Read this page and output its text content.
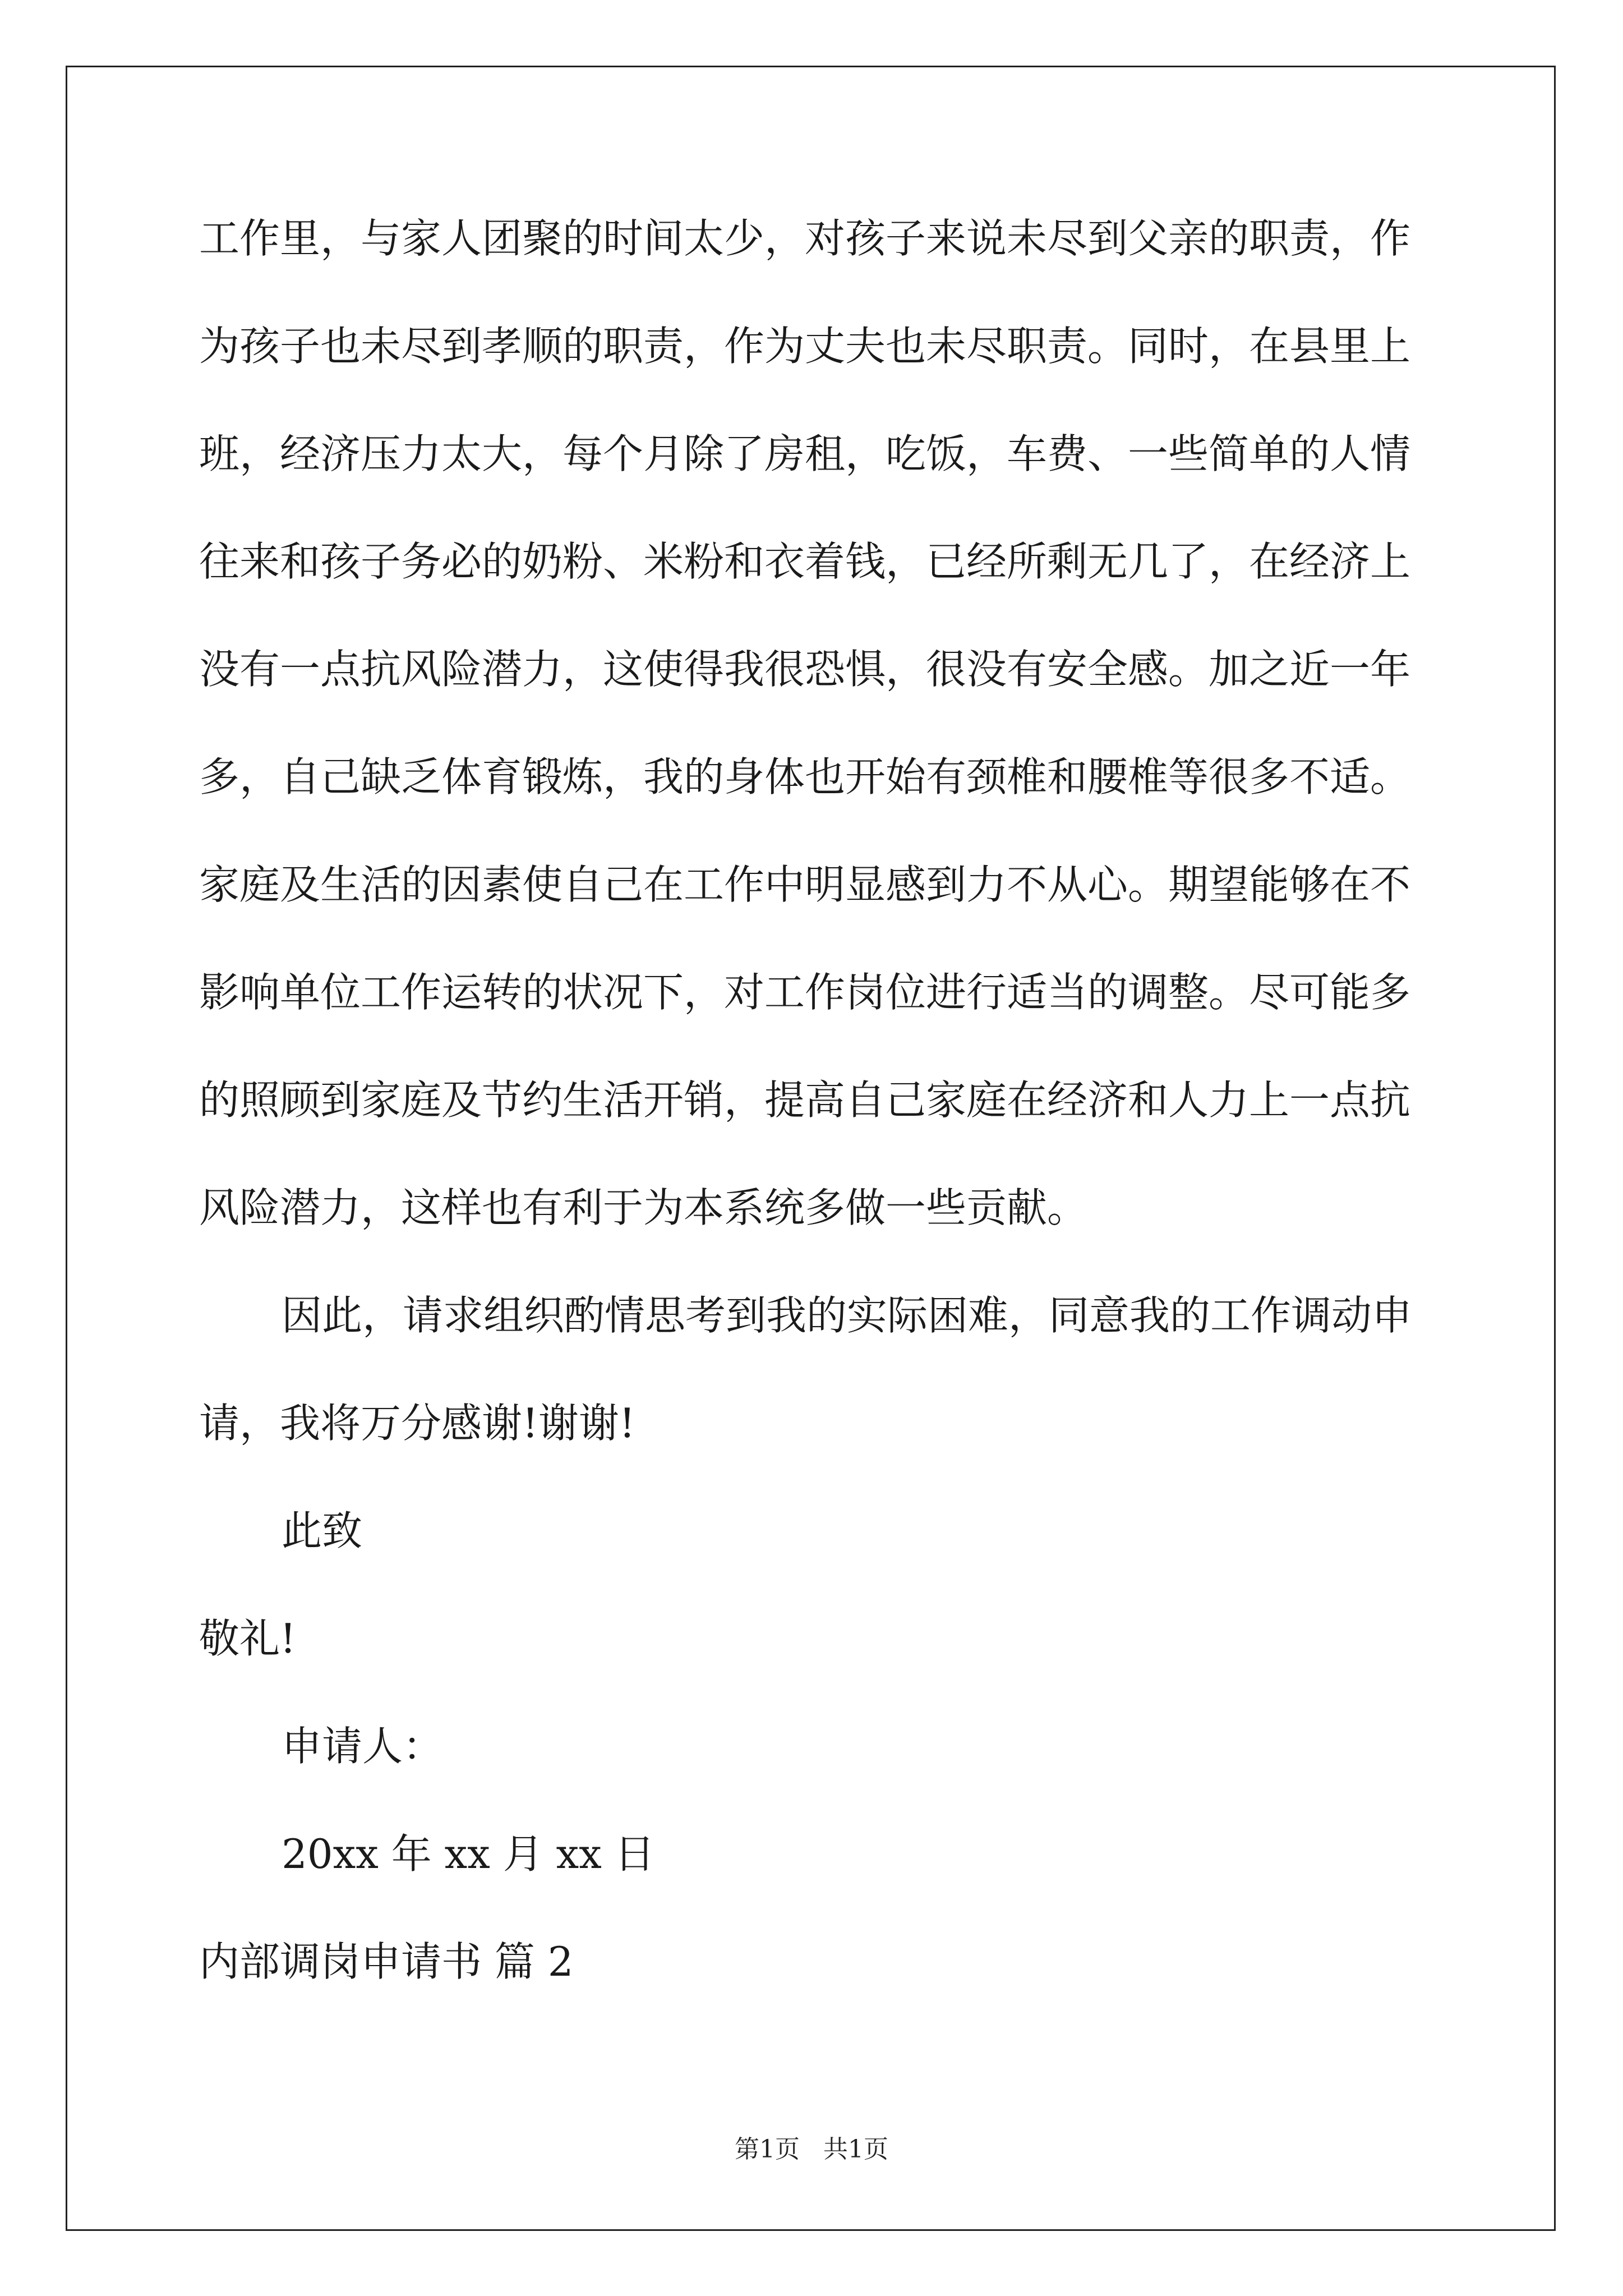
工作里，与家人团聚的时间太少，对孩子来说未尽到父亲的职责，作
为孩子也未尽到孝顺的职责，作为丈夫也未尽职责。同时，在县里上
班，经济压力太大，每个月除了房租，吃饭，车费、一些简单的人情
往来和孩子务必的奶粉、米粉和衣着钱，已经所剩无几了，在经济上
没有一点抗风险潜力，这使得我很恐惧，很没有安全感。加之近一年
多，自己缺乏体育锻炼，我的身体也开始有颈椎和腰椎等很多不适。
家庭及生活的因素使自己在工作中明显感到力不从心。期望能够在不
影响单位工作运转的状况下，对工作岗位进行适当的调整。尽可能多
的照顾到家庭及节约生活开销，提高自己家庭在经济和人力上一点抗
风险潜力，这样也有利于为本系统多做一些贡献。
因此，请求组织酌情思考到我的实际困难，同意我的工作调动申
请，我将万分感谢!谢谢!
此致
敬礼!
申请人：
20xx 年 xx 月 xx 日
内部调岗申请书 篇 2
第1页 共1页
